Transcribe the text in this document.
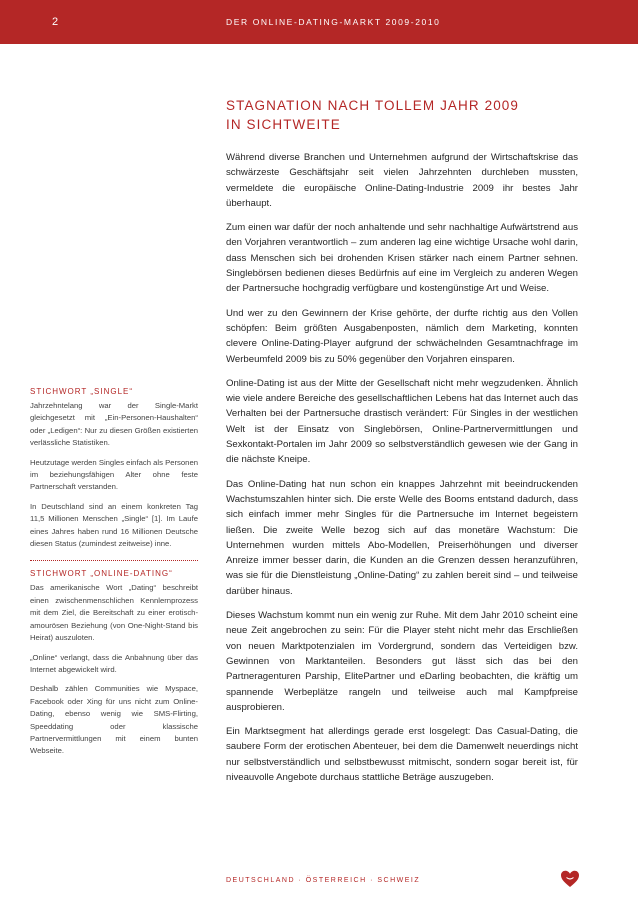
2	DER ONLINE-DATING-MARKT 2009-2010
STAGNATION NACH TOLLEM JAHR 2009
IN SICHTWEITE

Während diverse Branchen und Unternehmen aufgrund der Wirtschaftskrise das schwärzeste Geschäftsjahr seit vielen Jahrzehnten durchleben mussten, vermeldete die europäische Online-Dating-Industrie 2009 ihr bestes Jahr überhaupt.

Zum einen war dafür der noch anhaltende und sehr nachhaltige Aufwärtstrend aus den Vorjahren verantwortlich – zum anderen lag eine wichtige Ursache wohl darin, dass Menschen sich bei drohenden Krisen stärker nach einem Partner sehnen. Singlebörsen bedienen dieses Bedürfnis auf eine im Vergleich zu anderen Wegen der Partnersuche hochgradig verfügbare und kostengünstige Art und Weise.

Und wer zu den Gewinnern der Krise gehörte, der durfte richtig aus den Vollen schöpfen: Beim größten Ausgabenposten, nämlich dem Marketing, konnten clevere Online-Dating-Player aufgrund der schwächelnden Gesamtnachfrage im Werbeumfeld 2009 bis zu 50% gegenüber den Vorjahren einsparen.

Online-Dating ist aus der Mitte der Gesellschaft nicht mehr wegzudenken. Ähnlich wie viele andere Bereiche des gesellschaftlichen Lebens hat das Internet auch das Verhalten bei der Partnersuche drastisch verändert: Für Singles in der westlichen Welt ist der Einsatz von Singlebörsen, Online-Partnervermittlungen und Sexkontakt-Portalen im Jahr 2009 so selbstverständlich gewesen wie der Gang in die nächste Kneipe.

Das Online-Dating hat nun schon ein knappes Jahrzehnt mit beeindruckenden Wachstumszahlen hinter sich. Die erste Welle des Booms entstand dadurch, dass sich einfach immer mehr Singles für die Partnersuche im Internet begeistern ließen. Die zweite Welle bezog sich auf das monetäre Wachstum: Die Unternehmen wurden mittels Abo-Modellen, Preiserhöhungen und diverser Anreize immer besser darin, die Kunden an die Grenzen dessen heranzuführen, was sie für die Dienstleistung „Online-Dating“ zu zahlen bereit sind – und teilweise darüber hinaus.

Dieses Wachstum kommt nun ein wenig zur Ruhe. Mit dem Jahr 2010 scheint eine neue Zeit angebrochen zu sein: Für die Player steht nicht mehr das Erschließen von neuen Marktpotenzialen im Vordergrund, sondern das Verteidigen bzw. Gewinnen von Marktanteilen. Besonders gut lässt sich das bei den Partneragenturen Parship, ElitePartner und eDarling beobachten, die kräftig um spannende Werbeplätze rangeln und teilweise auch mal Kampfpreise ausprobieren.

Ein Marktsegment hat allerdings gerade erst losgelegt: Das Casual-Dating, die saubere Form der erotischen Abenteuer, bei dem die Damenwelt neuerdings nicht nur selbstverständlich und selbstbewusst mitmischt, sondern sogar bereit ist, für niveauvolle Angebote durchaus stattliche Beträge auszugeben.

STICHWORT „SINGLE“

Jahrzehntelang war der Single-Markt gleichgesetzt mit „Ein-Personen-Haushalten“ oder „Ledigen“: Nur zu diesen Größen existierten verlässliche Statistiken.

Heutzutage werden Singles einfach als Personen im beziehungsfähigen Alter ohne feste Partnerschaft verstanden.

In Deutschland sind an einem konkreten Tag 11,5 Millionen Menschen „Single“ [1]. Im Laufe eines Jahres haben rund 16 Millionen Deutsche diesen Status (zumindest zeitweise) inne.

STICHWORT „ONLINE-DATING“

Das amerikanische Wort „Dating“ beschreibt einen zwischenmenschlichen Kennlernprozess mit dem Ziel, die Bereitschaft zu einer erotisch-amourösen Beziehung (von One-Night-Stand bis Heirat) auszuloten.

„Online“ verlangt, dass die Anbahnung über das Internet abgewickelt wird.

Deshalb zählen Communities wie Myspace, Facebook oder Xing für uns nicht zum Online-Dating, ebenso wenig wie SMS-Flirting, Speeddating oder klassische Partnervermittlungen mit einem bunten Webseite.

DEUTSCHLAND · ÖSTERREICH · SCHWEIZ
